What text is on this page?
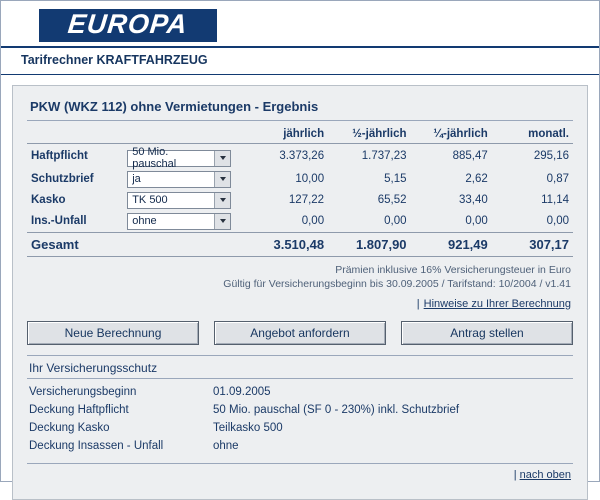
EUROPA
Tarifrechner KRAFTFAHRZEUG
PKW (WKZ 112) ohne Vermietungen - Ergebnis
		jährlich	½-jährlich	¼-jährlich	monatl.
Haftpflicht	50 Mio. pauschal	3.373,26	1.737,23	885,47	295,16
Schutzbrief	ja	10,00	5,15	2,62	0,87
Kasko	TK 500	127,22	65,52	33,40	11,14
Ins.-Unfall	ohne	0,00	0,00	0,00	0,00
Gesamt		3.510,48	1.807,90	921,49	307,17
Prämien inklusive 16% Versicherungsteuer in Euro
Gültig für Versicherungsbeginn bis 30.09.2005 / Tarifstand: 10/2004 / v1.41
| Hinweise zu Ihrer Berechnung
Neue Berechnung	Angebot anfordern	Antrag stellen
Ihr Versicherungsschutz
Versicherungsbeginn	01.09.2005
Deckung Haftpflicht	50 Mio. pauschal (SF 0 - 230%) inkl. Schutzbrief
Deckung Kasko	Teilkasko 500
Deckung Insassen - Unfall	ohne
| nach oben
